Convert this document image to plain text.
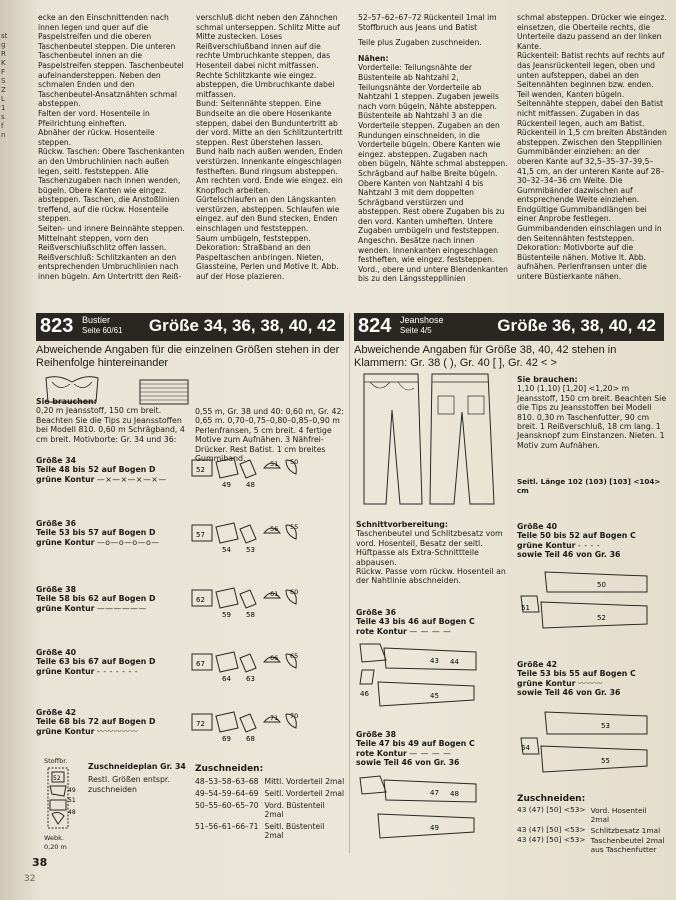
st
g
R
K
F
S
Z
L
1
s
f
n

ecke an den Einschnittenden nach innen legen und quer auf die Paspelstreifen und die oberen Taschenbeutel steppen. Die unteren Taschenbeutel innen an die Paspelstreifen steppen. Taschenbeutel aufeinandersteppen. Neben den schmalen Enden und den Taschenbeutel-Ansatznähten schmal absteppen.

Falten der vord. Hosenteile in Pfeilrichtung einheften.

Abnäher der rückw. Hosenteile steppen.

Rückw. Taschen: Obere Taschenkanten an den Umbruchlinien nach außen legen, seitl. feststeppen. Alle Taschenzugaben nach innen wenden, bügeln. Obere Kanten wie eingez. absteppen. Taschen, die Anstoßlinien treffend, auf die rückw. Hosenteile steppen.

Seiten- und innere Beinnähte steppen.

Mittelnaht steppen, vorn den Reißverschlußschlitz offen lassen.

Reißverschluß: Schlitzkanten an den entsprechenden Umbruchlinien nach innen bügeln. Am Untertritt den Reiß-

verschluß dicht neben den Zähnchen schmal unterseppen. Schlitz Mitte auf Mitte zustecken. Loses Reißverschlußband innen auf die rechte Umbruchkante steppen, das Hosenteil dabei nicht mitfassen. Rechte Schlitzkante wie eingez. absteppen, die Umbruchkante dabei mitfassen.

Bund: Seitennähte steppen. Eine Bundseite an die obere Hosenkante steppen, dabei den Bunduntertritt ab der vord. Mitte an den Schlitzuntertritt steppen. Rest überstehen lassen. Bund halb nach außen wenden, Enden verstürzen. Innenkante eingeschlagen festheften. Bund ringsum absteppen. Am rechten vord. Ende wie eingez. ein Knopfloch arbeiten.

Gürtelschlaufen an den Längskanten verstürzen, absteppen. Schlaufen wie eingez. auf den Bund stecken, Enden einschlagen und feststeppen.

Saum umbügeln, feststeppen.

Dekoration: Straßband an den Paspeltaschen anbringen. Nieten, Glassteine, Perlen und Motive lt. Abb. auf der Hose plazieren.

52–57–62–67–72 Rückenteil 1mal im Stoffbruch aus Jeans und Batist

Teile plus Zugaben zuschneiden.

Nähen:

Vorderteile: Teilungsnähte der Büstenteile ab Nahtzahl 2, Teilungsnähte der Vorderteile ab Nahtzahl 1 steppen. Zugaben jeweils nach vorn bügeln, Nähte absteppen. Büstenteile ab Nahtzahl 3 an die Vorderteile steppen. Zugaben an den Rundungen einschneiden, in die Vorderteile bügeln. Obere Kanten wie eingez. absteppen. Zugaben nach oben bügeln, Nähte schmal absteppen. Schrägband auf halbe Breite bügeln. Obere Kanten von Nahtzahl 4 bis Nahtzahl 3 mit dem doppelten Schrägband verstürzen und absteppen. Rest obere Zugaben bis zu den vord. Kanten umheften. Untere Zugaben umbügeln und feststeppen. Angeschn. Besätze nach innen wenden. Innenkanten eingeschlagen festheften, wie eingez. feststeppen. Vord., obere und untere Blendenkanten bis zu den Längssteppllinien

schmal absteppen. Drücker wie eingez. einsetzen, die Oberteile rechts, die Unterteile dazu passend an der linken Kante.

Rückenteil: Batist rechts auf rechts auf das Jeansrückenteil legen, oben und unten aufsteppen, dabei an den Seitennähten beginnen bzw. enden. Teil wenden, Kanten bügeln. Seitennähte steppen, dabei den Batist nicht mitfassen. Zugaben in das Rückenteil legen, auch am Batist. Rückenteil in 1,5 cm breiten Abständen absteppen. Zwischen den Steppllinien Gummibänder einziehen: an der oberen Kante auf 32,5–35–37–39,5–41,5 cm, an der unteren Kante auf 28–30–32–34–36 cm Weite. Die Gummibänder dazwischen auf entsprechende Weite einziehen. Endgültige Gummibandlängen bei einer Anprobe festlegen. Gummibandenden einschlagen und in den Seitennähten feststeppen.

Dekoration: Motivborte auf die Büstenteile nähen. Motive lt. Abb. aufnähen. Perlenfransen unter die untere Büstierkante nähen.

823 Bustier
Seite 60/61 Größe 34, 36, 38, 40, 42
Abweichende Angaben für die einzelnen Größen stehen in der Reihenfolge hintereinander

Sie brauchen:

0,20 m Jeansstoff, 150 cm breit. Beachten Sie die Tips zu Jeansstoffen bei Modell 810. 0,60 m Schrägband, 4 cm breit. Motivborte: Gr. 34 und 36:

0,55 m, Gr. 38 und 40: 0,60 m, Gr. 42: 0,65 m. 0,70–0,75–0,80–0,85–0,90 m Perlenfransen, 5 cm breit. 4 fertige Motive zum Aufnähen. 3 Nähfrei-Drücker. Rest Batist. 1 cm breites Gummiband.

Größe 34

Teile 48 bis 52 auf Bogen D

grüne Kontur —×—×—×—×—

Größe 36

Teile 53 bis 57 auf Bogen D

grüne Kontur —o—o—o—o—

Größe 38

Teile 58 bis 62 auf Bogen D

grüne Kontur ——————

Größe 40

Teile 63 bis 67 auf Bogen D

grüne Kontur - - - - - - -

Größe 42

Teile 68 bis 72 auf Bogen D

grüne Kontur 〰〰〰〰〰

52
49 48
51 50
57
54 53
56 55
62
59 58
61 60
67
64 63
66 65
72
69 68
71 70
Stoffbr.
52
49
51
48

Webk.

0,20 m

Zuschneideplan Gr. 34

Restl. Größen entspr. zuschneiden

Zuschneiden:

48–53–58–63–68	Mittl. Vorderteil 2mal
49–54–59–64–69	Seitl. Vorderteil 2mal
50–55–60–65–70	Vord. Büstenteil 2mal
51–56–61–66–71	Seitl. Büstenteil 2mal
824 Jeanshose
Seite 4/5	Größe 36, 38, 40, 42
Abweichende Angaben für Größe 38, 40, 42 stehen in Klammern: Gr. 38 ( ), Gr. 40 [ ], Gr. 42 < >

Sie brauchen:

1,10 (1,10) [1,20] <1,20> m Jeansstoff, 150 cm breit. Beachten Sie die Tips zu Jeansstoffen bei Modell 810. 0,30 m Taschenfutter, 90 cm breit. 1 Reißverschluß, 18 cm lang. 1 Jeansknopf zum Einstanzen. Nieten. 1 Motiv zum Aufnähen.

Seitl. Länge 102 (103) [103] <104> cm

Schnittvorbereitung:

Taschenbeutel und Schlitzbesatz vom vord. Hosenteil, Besatz der seitl. Hüftpasse als Extra-Schnittteile abpausen.

Rückw. Passe vom rückw. Hosenteil an der Nahtlinie abschneiden.

Größe 36

Teile 43 bis 46 auf Bogen C

rote Kontur — — — —

43 44
45
46

Größe 38

Teile 47 bis 49 auf Bogen C

rote Kontur — — — —

sowie Teil 46 von Gr. 36

47 48
49

Größe 40

Teile 50 bis 52 auf Bogen C

grüne Kontur - - - -

sowie Teil 46 von Gr. 36

50
51
52

Größe 42

Teile 53 bis 55 auf Bogen C

grüne Kontur 〰〰〰

sowie Teil 46 von Gr. 36

53
54
55

Zuschneiden:

43 (47) [50] <53>	Vord. Hosenteil 2mal
43 (47) [50] <53>	Schlitzbesatz 1mal
43 (47) [50] <53>	Taschenbeutel 2mal aus Taschenfutter
38
32
